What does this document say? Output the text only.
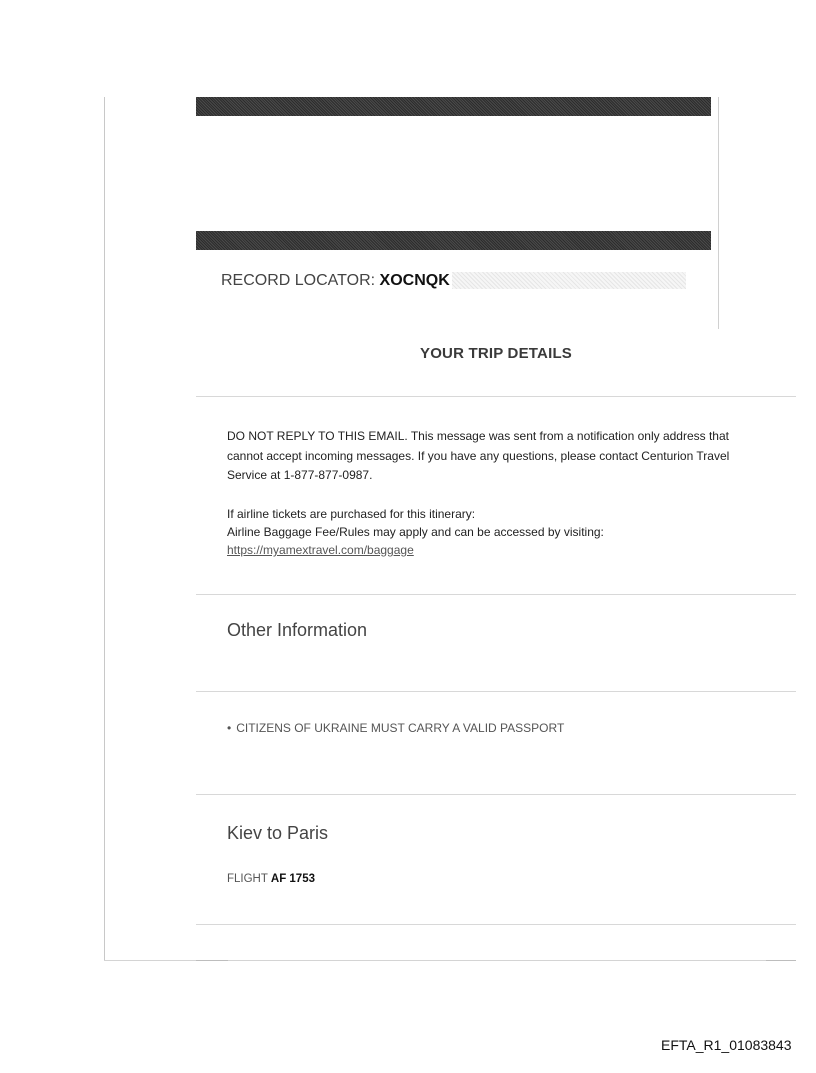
RECORD LOCATOR: XOCNQK
YOUR TRIP DETAILS

DO NOT REPLY TO THIS EMAIL. This message was sent from a notification only address that cannot accept incoming messages. If you have any questions, please contact Centurion Travel Service at 1-877-877-0987.

If airline tickets are purchased for this itinerary:
Airline Baggage Fee/Rules may apply and can be accessed by visiting:
https://myamextravel.com/baggage
Other Information
• CITIZENS OF UKRAINE MUST CARRY A VALID PASSPORT
Kiev to Paris
FLIGHT AF 1753
EFTA_R1_01083843
